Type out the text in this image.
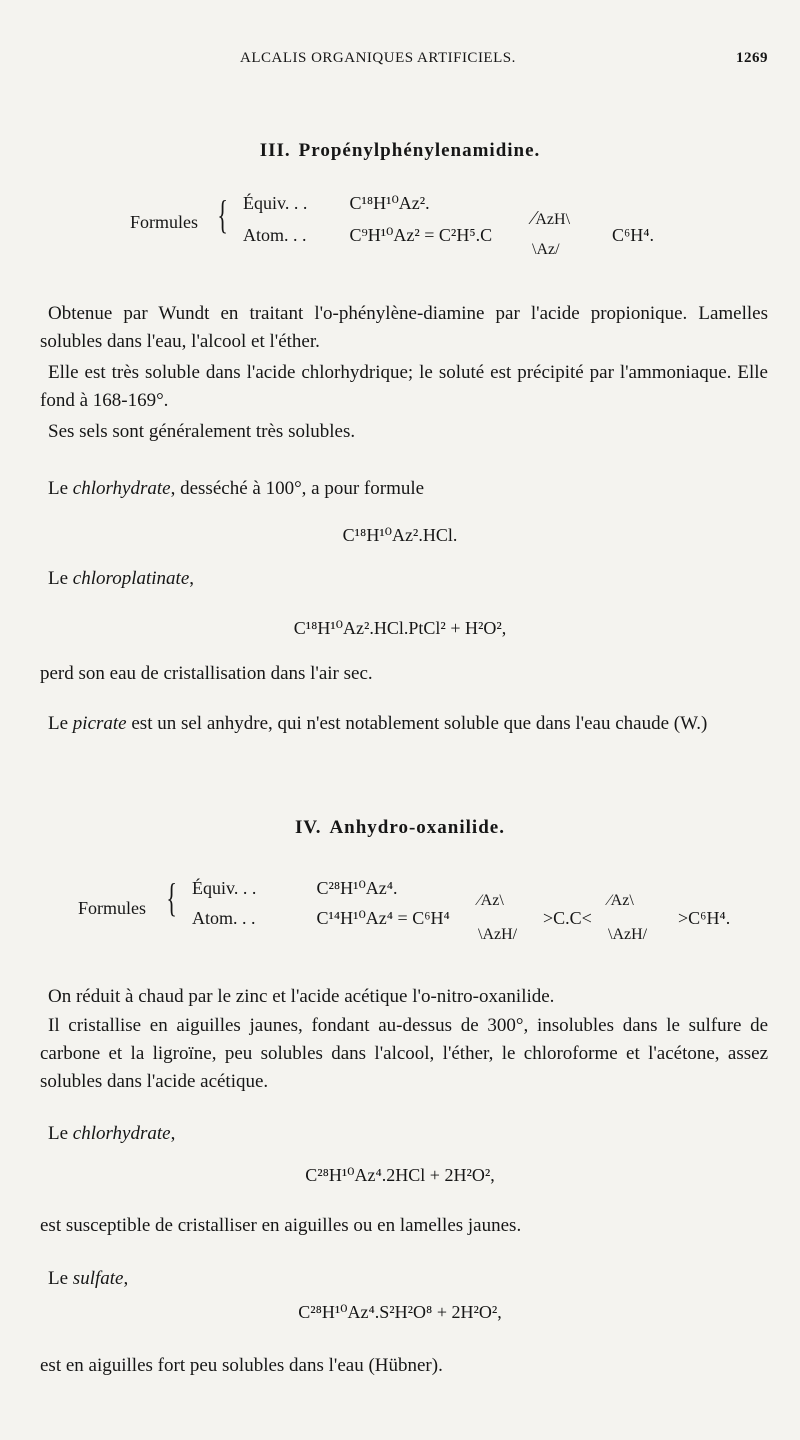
ALCALIS ORGANIQUES ARTIFICIELS.	1269
III. Propénylphénylenamidine.
Formules { Équiv. . . C¹⁸H¹⁰Az².
Atom. . . C⁹H¹⁰Az² = C²H⁵.C
⁄AzH\
\Az/
C⁶H⁴.
Obtenue par Wundt en traitant l'o-phénylène-diamine par l'acide propionique. Lamelles solubles dans l'eau, l'alcool et l'éther.
Elle est très soluble dans l'acide chlorhydrique; le soluté est précipité par l'ammoniaque. Elle fond à 168-169°.
Ses sels sont généralement très solubles.
Le chlorhydrate, desséché à 100°, a pour formule
C¹⁸H¹⁰Az².HCl.
Le chloroplatinate,
C¹⁸H¹⁰Az².HCl.PtCl² + H²O²,
perd son eau de cristallisation dans l'air sec.
Le picrate est un sel anhydre, qui n'est notablement soluble que dans l'eau chaude (W.)
IV. Anhydro-oxanilide.
Formules { Équiv. . .	C²⁸H¹⁰Az⁴.
Atom. . .	C¹⁴H¹⁰Az⁴ = C⁶H⁴
⁄Az\
\AzH/
>C.C<
⁄Az\
\AzH/
>C⁶H⁴.
On réduit à chaud par le zinc et l'acide acétique l'o-nitro-oxanilide.
Il cristallise en aiguilles jaunes, fondant au-dessus de 300°, insolubles dans le sulfure de carbone et la ligroïne, peu solubles dans l'alcool, l'éther, le chloroforme et l'acétone, assez solubles dans l'acide acétique.
Le chlorhydrate,
C²⁸H¹⁰Az⁴.2HCl + 2H²O²,
est susceptible de cristalliser en aiguilles ou en lamelles jaunes.
Le sulfate,
C²⁸H¹⁰Az⁴.S²H²O⁸ + 2H²O²,
est en aiguilles fort peu solubles dans l'eau (Hübner).
